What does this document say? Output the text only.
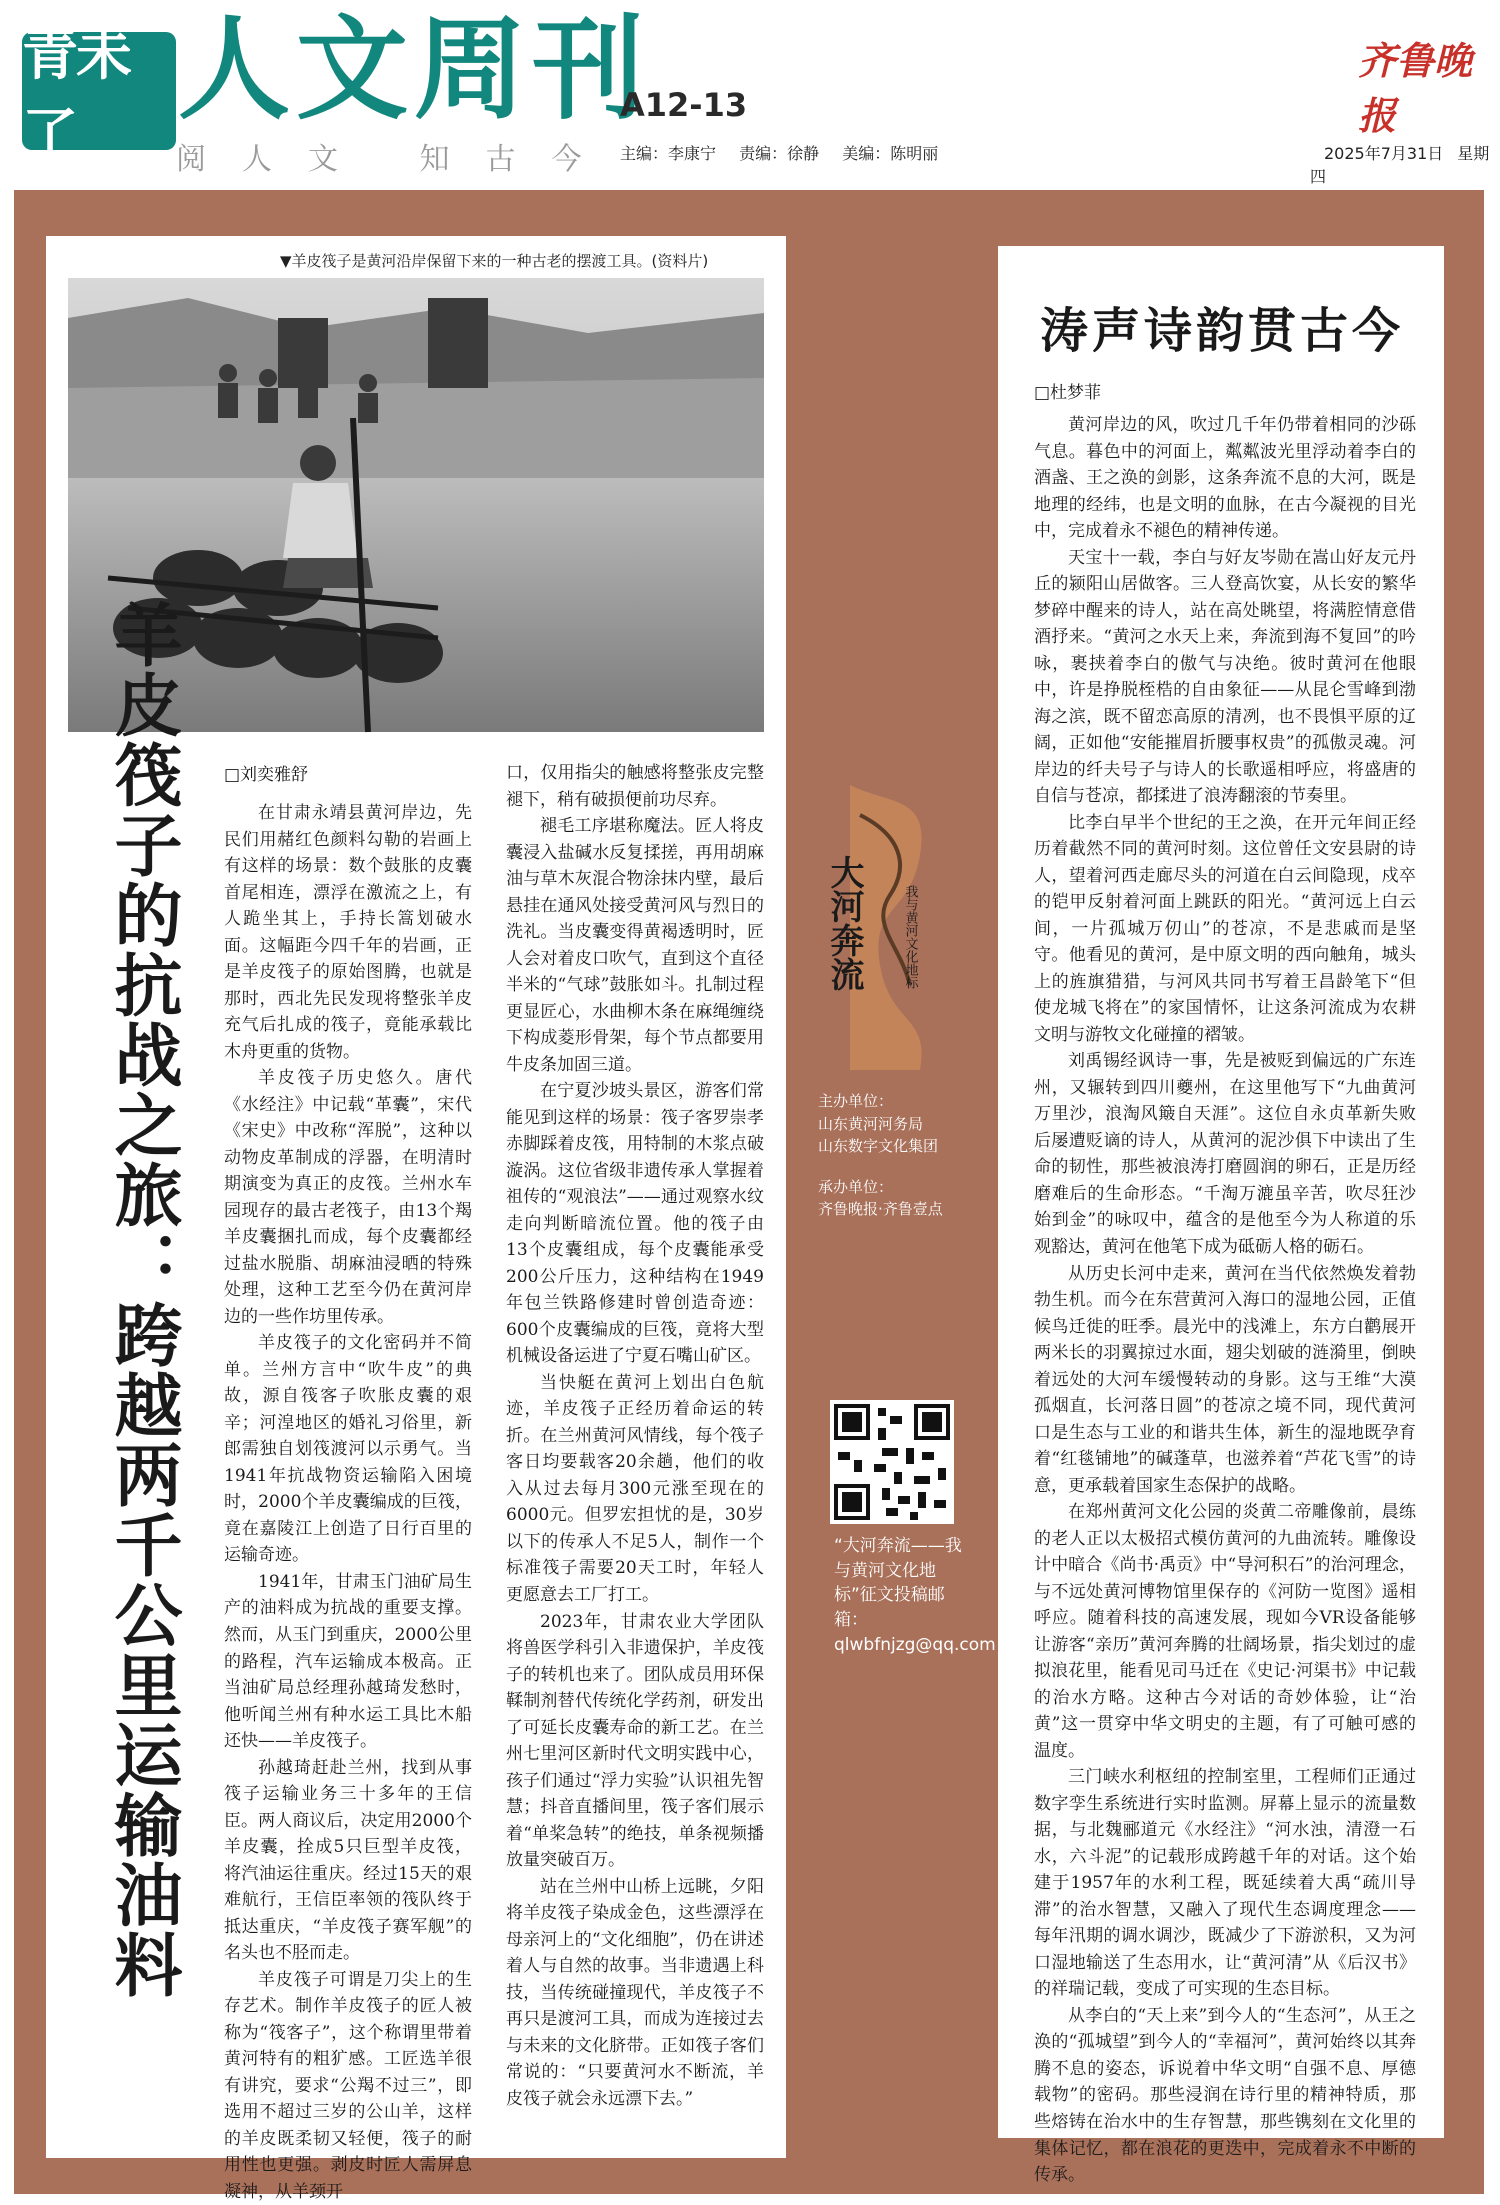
青未了
人文周刊
A12-13
阅人文 知古今 主编：李康宁 责编：徐静 美编：陈明丽
齐鲁晚报
2025年7月31日 星期四
▼羊皮筏子是黄河沿岸保留下来的一种古老的摆渡工具。(资料片)
羊皮筏子的抗战之旅：跨越两千公里运输油料 □刘奕雅舒

在甘肃永靖县黄河岸边，先民们用赭红色颜料勾勒的岩画上有这样的场景：数个鼓胀的皮囊首尾相连，漂浮在激流之上，有人跪坐其上，手持长篙划破水面。这幅距今四千年的岩画，正是羊皮筏子的原始图腾，也就是那时，西北先民发现将整张羊皮充气后扎成的筏子，竟能承载比木舟更重的货物。

羊皮筏子历史悠久。唐代《水经注》中记载“革囊”，宋代《宋史》中改称“浑脱”，这种以动物皮革制成的浮器，在明清时期演变为真正的皮筏。兰州水车园现存的最古老筏子，由13个羯羊皮囊捆扎而成，每个皮囊都经过盐水脱脂、胡麻油浸晒的特殊处理，这种工艺至今仍在黄河岸边的一些作坊里传承。

羊皮筏子的文化密码并不简单。兰州方言中“吹牛皮”的典故，源自筏客子吹胀皮囊的艰辛；河湟地区的婚礼习俗里，新郎需独自划筏渡河以示勇气。当1941年抗战物资运输陷入困境时，2000个羊皮囊编成的巨筏，竟在嘉陵江上创造了日行百里的运输奇迹。

1941年，甘肃玉门油矿局生产的油料成为抗战的重要支撑。然而，从玉门到重庆，2000公里的路程，汽车运输成本极高。正当油矿局总经理孙越琦发愁时，他听闻兰州有种水运工具比木船还快——羊皮筏子。

孙越琦赶赴兰州，找到从事筏子运输业务三十多年的王信臣。两人商议后，决定用2000个羊皮囊，拴成5只巨型羊皮筏，将汽油运往重庆。经过15天的艰难航行，王信臣率领的筏队终于抵达重庆，“羊皮筏子赛军舰”的名头也不胫而走。

羊皮筏子可谓是刀尖上的生存艺术。制作羊皮筏子的匠人被称为“筏客子”，这个称谓里带着黄河特有的粗犷感。工匠选羊很有讲究，要求“公羯不过三”，即选用不超过三岁的公山羊，这样的羊皮既柔韧又轻便，筏子的耐用性也更强。剥皮时匠人需屏息凝神，从羊颈开

口，仅用指尖的触感将整张皮完整褪下，稍有破损便前功尽弃。

褪毛工序堪称魔法。匠人将皮囊浸入盐碱水反复揉搓，再用胡麻油与草木灰混合物涂抹内壁，最后悬挂在通风处接受黄河风与烈日的洗礼。当皮囊变得黄褐透明时，匠人会对着皮口吹气，直到这个直径半米的“气球”鼓胀如斗。扎制过程更显匠心，水曲柳木条在麻绳缠绕下构成菱形骨架，每个节点都要用牛皮条加固三道。

在宁夏沙坡头景区，游客们常能见到这样的场景：筏子客罗崇孝赤脚踩着皮筏，用特制的木浆点破漩涡。这位省级非遗传承人掌握着祖传的“观浪法”——通过观察水纹走向判断暗流位置。他的筏子由13个皮囊组成，每个皮囊能承受200公斤压力，这种结构在1949年包兰铁路修建时曾创造奇迹：600个皮囊编成的巨筏，竟将大型机械设备运进了宁夏石嘴山矿区。

当快艇在黄河上划出白色航迹，羊皮筏子正经历着命运的转折。在兰州黄河风情线，每个筏子客日均要载客20余趟，他们的收入从过去每月300元涨至现在的6000元。但罗宏担忧的是，30岁以下的传承人不足5人，制作一个标准筏子需要20天工时，年轻人更愿意去工厂打工。

2023年，甘肃农业大学团队将兽医学科引入非遗保护，羊皮筏子的转机也来了。团队成员用环保鞣制剂替代传统化学药剂，研发出了可延长皮囊寿命的新工艺。在兰州七里河区新时代文明实践中心，孩子们通过“浮力实验”认识祖先智慧；抖音直播间里，筏子客们展示着“单桨急转”的绝技，单条视频播放量突破百万。

站在兰州中山桥上远眺，夕阳将羊皮筏子染成金色，这些漂浮在母亲河上的“文化细胞”，仍在讲述着人与自然的故事。当非遗遇上科技，当传统碰撞现代，羊皮筏子不再只是渡河工具，而成为连接过去与未来的文化脐带。正如筏子客们常说的：“只要黄河水不断流，羊皮筏子就会永远漂下去。”

大河奔流	我与黄河文化地标
主办单位：
山东黄河河务局
山东数字文化集团
承办单位：
齐鲁晚报·齐鲁壹点
“大河奔流——我与黄河文化地标”征文投稿邮箱：qlwbfnjzg@qq.com
涛声诗韵贯古今
□杜梦菲

黄河岸边的风，吹过几千年仍带着相同的沙砾气息。暮色中的河面上，粼粼波光里浮动着李白的酒盏、王之涣的剑影，这条奔流不息的大河，既是地理的经纬，也是文明的血脉，在古今凝视的目光中，完成着永不褪色的精神传递。

天宝十一载，李白与好友岑勋在嵩山好友元丹丘的颍阳山居做客。三人登高饮宴，从长安的繁华梦碎中醒来的诗人，站在高处眺望，将满腔情意借酒抒来。“黄河之水天上来，奔流到海不复回”的吟咏，裹挟着李白的傲气与决绝。彼时黄河在他眼中，许是挣脱桎梏的自由象征——从昆仑雪峰到渤海之滨，既不留恋高原的清冽，也不畏惧平原的辽阔，正如他“安能摧眉折腰事权贵”的孤傲灵魂。河岸边的纤夫号子与诗人的长歌遥相呼应，将盛唐的自信与苍凉，都揉进了浪涛翻滚的节奏里。

比李白早半个世纪的王之涣，在开元年间正经历着截然不同的黄河时刻。这位曾任文安县尉的诗人，望着河西走廊尽头的河道在白云间隐现，戍卒的铠甲反射着河面上跳跃的阳光。“黄河远上白云间，一片孤城万仞山”的苍凉，不是悲戚而是坚守。他看见的黄河，是中原文明的西向触角，城头上的旌旗猎猎，与河风共同书写着王昌龄笔下“但使龙城飞将在”的家国情怀，让这条河流成为农耕文明与游牧文化碰撞的褶皱。

刘禹锡经讽诗一事，先是被贬到偏远的广东连州，又辗转到四川夔州，在这里他写下“九曲黄河万里沙，浪淘风簸自天涯”。这位自永贞革新失败后屡遭贬谪的诗人，从黄河的泥沙俱下中读出了生命的韧性，那些被浪涛打磨圆润的卵石，正是历经磨难后的生命形态。“千淘万漉虽辛苦，吹尽狂沙始到金”的咏叹中，蕴含的是他至今为人称道的乐观豁达，黄河在他笔下成为砥砺人格的砺石。

从历史长河中走来，黄河在当代依然焕发着勃勃生机。而今在东营黄河入海口的湿地公园，正值候鸟迁徙的旺季。晨光中的浅滩上，东方白鹳展开两米长的羽翼掠过水面，翅尖划破的涟漪里，倒映着远处的大河车缓慢转动的身影。这与王维“大漠孤烟直，长河落日圆”的苍凉之境不同，现代黄河口是生态与工业的和谐共生体，新生的湿地既孕育着“红毯铺地”的碱蓬草，也滋养着“芦花飞雪”的诗意，更承载着国家生态保护的战略。

在郑州黄河文化公园的炎黄二帝雕像前，晨练的老人正以太极招式模仿黄河的九曲流转。雕像设计中暗合《尚书·禹贡》中“导河积石”的治河理念，与不远处黄河博物馆里保存的《河防一览图》遥相呼应。随着科技的高速发展，现如今VR设备能够让游客“亲历”黄河奔腾的壮阔场景，指尖划过的虚拟浪花里，能看见司马迁在《史记·河渠书》中记载的治水方略。这种古今对话的奇妙体验，让“治黄”这一贯穿中华文明史的主题，有了可触可感的温度。

三门峡水利枢纽的控制室里，工程师们正通过数字孪生系统进行实时监测。屏幕上显示的流量数据，与北魏郦道元《水经注》“河水浊，清澄一石水，六斗泥”的记载形成跨越千年的对话。这个始建于1957年的水利工程，既延续着大禹“疏川导滞”的治水智慧，又融入了现代生态调度理念——每年汛期的调水调沙，既减少了下游淤积，又为河口湿地输送了生态用水，让“黄河清”从《后汉书》的祥瑞记载，变成了可实现的生态目标。

从李白的“天上来”到今人的“生态河”，从王之涣的“孤城望”到今人的“幸福河”，黄河始终以其奔腾不息的姿态，诉说着中华文明“自强不息、厚德载物”的密码。那些浸润在诗行里的精神特质，那些熔铸在治水中的生存智慧，那些镌刻在文化里的集体记忆，都在浪花的更迭中，完成着永不中断的传承。
